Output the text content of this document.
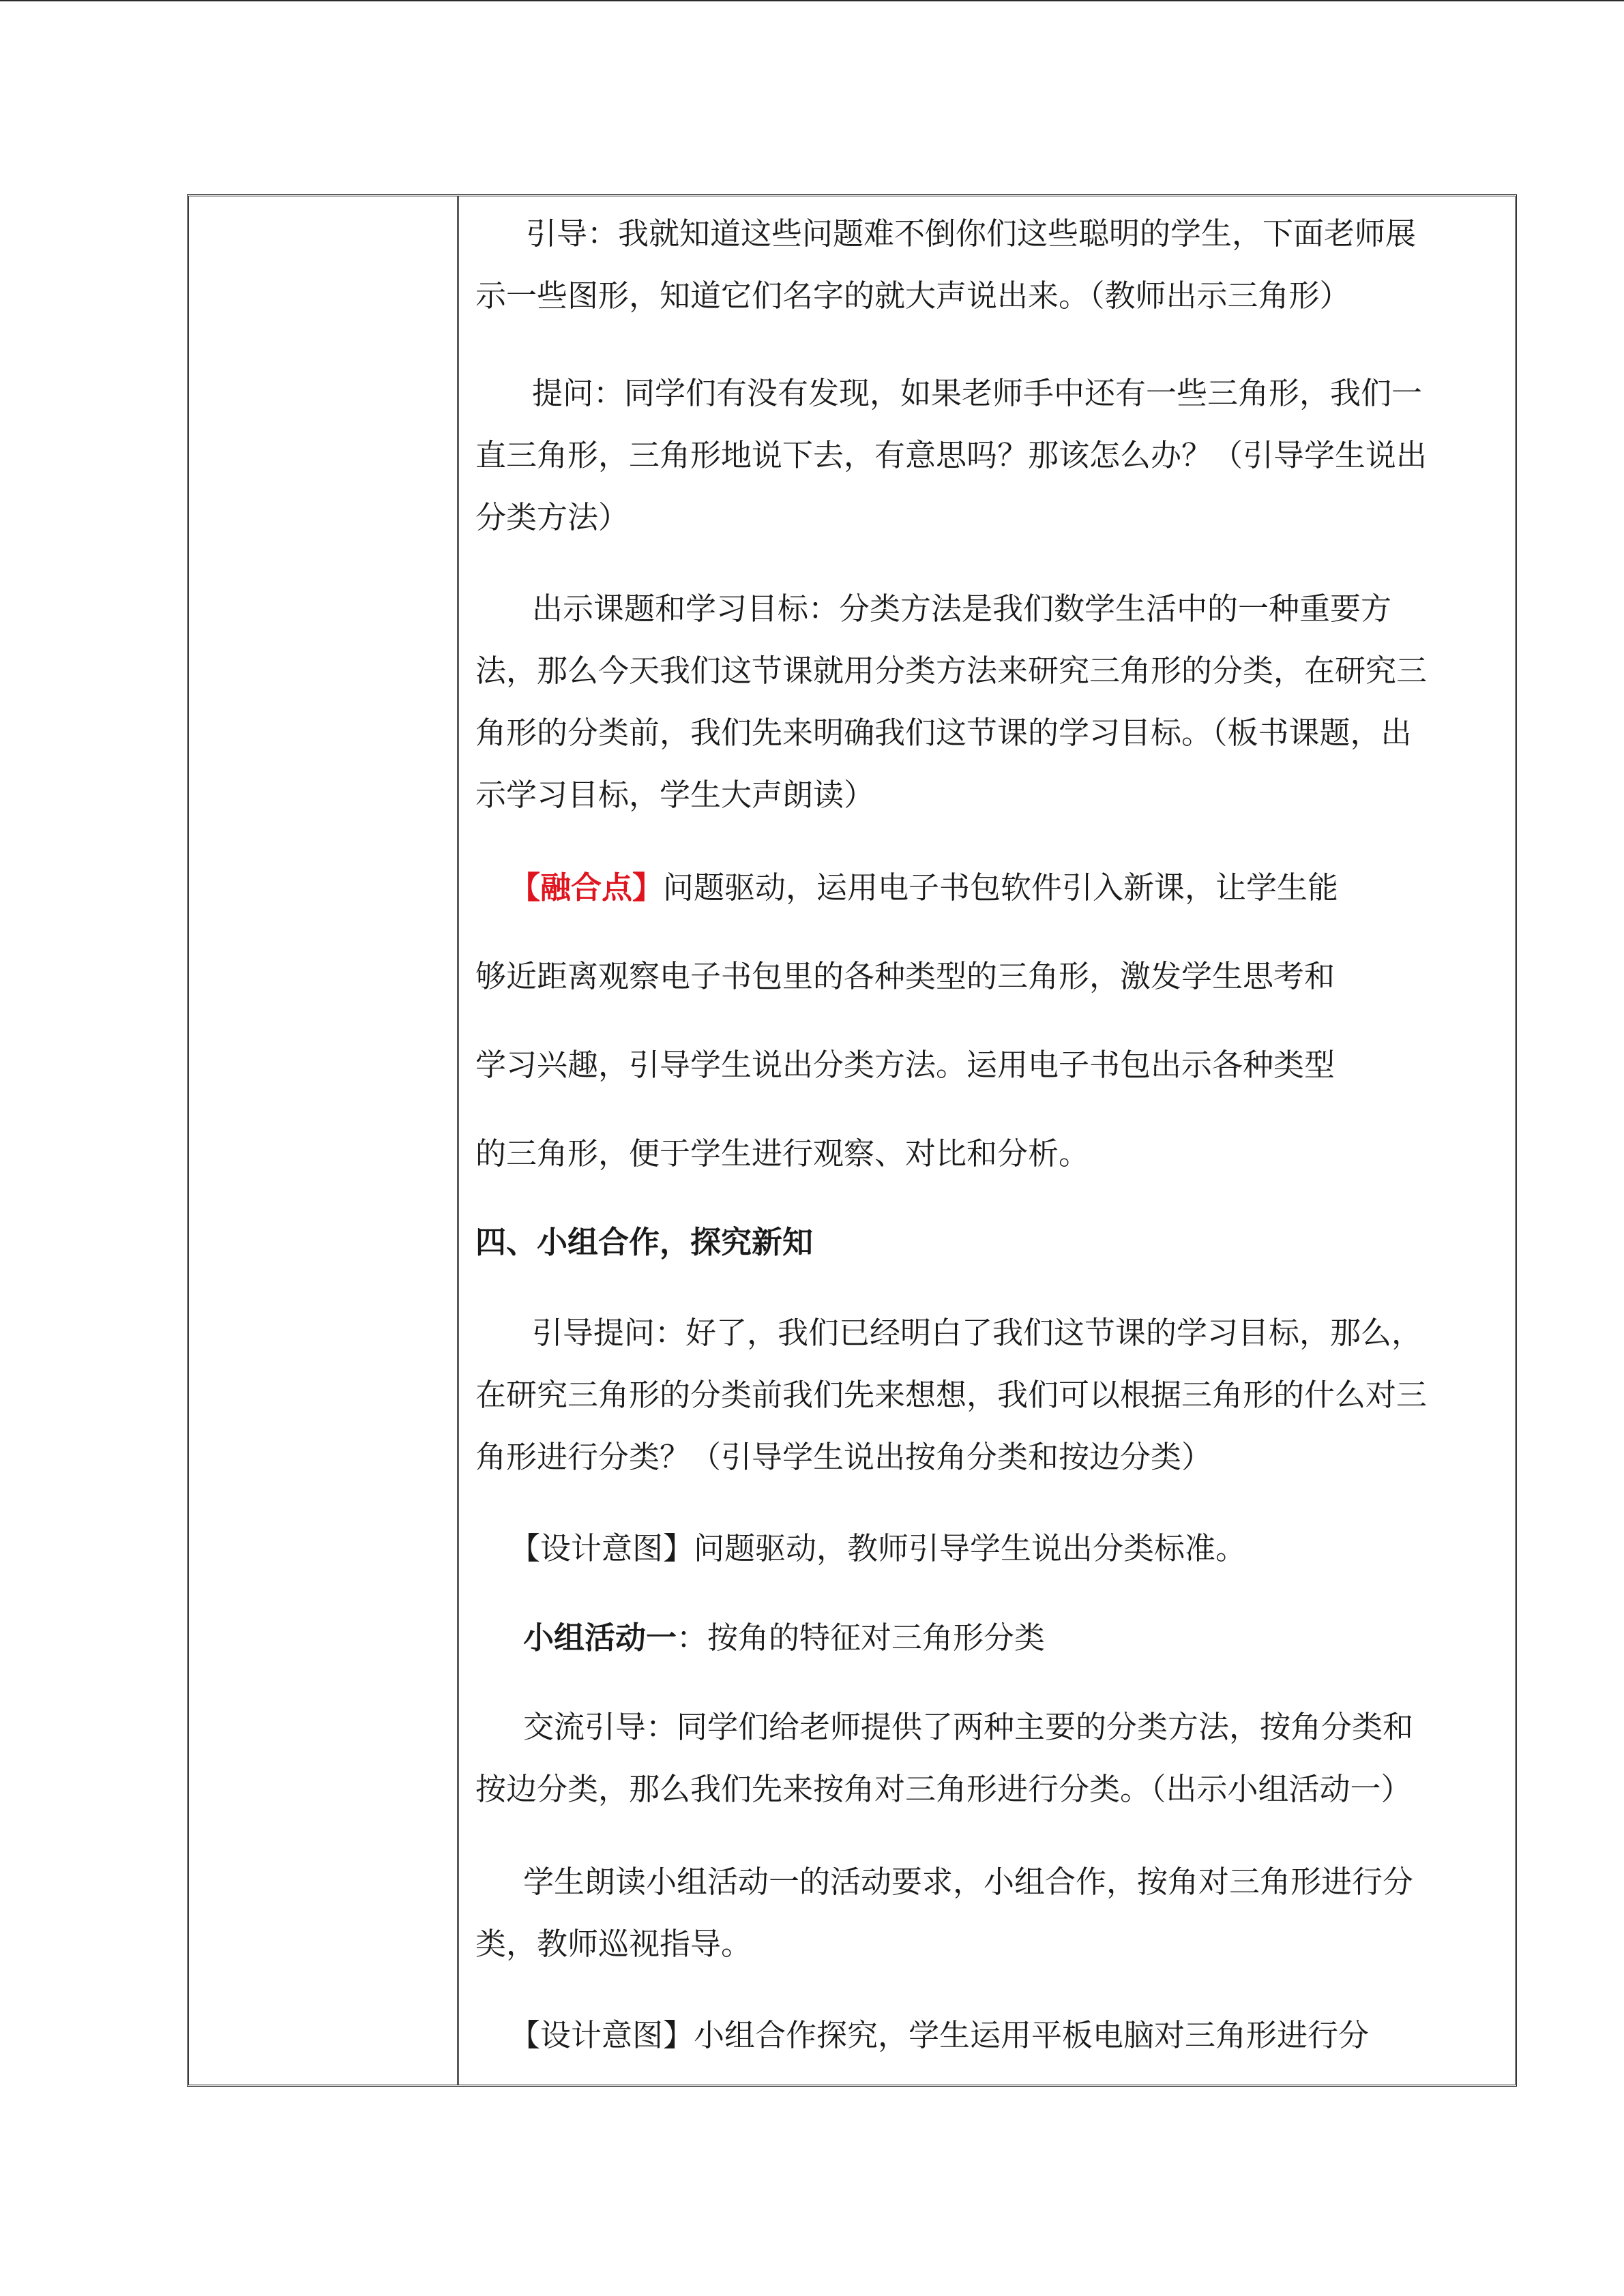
引导：我就知道这些问题难不倒你们这些聪明的学生，下面老师展
示一些图形，知道它们名字的就大声说出来。（教师出示三角形）
提问：同学们有没有发现，如果老师手中还有一些三角形，我们一
直三角形，三角形地说下去，有意思吗？那该怎么办？（引导学生说出
分类方法）
出示课题和学习目标：分类方法是我们数学生活中的一种重要方
法，那么今天我们这节课就用分类方法来研究三角形的分类，在研究三
角形的分类前，我们先来明确我们这节课的学习目标。（板书课题，出
示学习目标，学生大声朗读）
【融合点】问题驱动，运用电子书包软件引入新课，让学生能
够近距离观察电子书包里的各种类型的三角形，激发学生思考和
学习兴趣，引导学生说出分类方法。运用电子书包出示各种类型
的三角形，便于学生进行观察、对比和分析。
四、小组合作，探究新知
引导提问：好了，我们已经明白了我们这节课的学习目标，那么，
在研究三角形的分类前我们先来想想，我们可以根据三角形的什么对三
角形进行分类？（引导学生说出按角分类和按边分类）
【设计意图】问题驱动，教师引导学生说出分类标准。
小组活动一：按角的特征对三角形分类
交流引导：同学们给老师提供了两种主要的分类方法，按角分类和
按边分类，那么我们先来按角对三角形进行分类。（出示小组活动一）
学生朗读小组活动一的活动要求，小组合作，按角对三角形进行分
类，教师巡视指导。
【设计意图】小组合作探究，学生运用平板电脑对三角形进行分
